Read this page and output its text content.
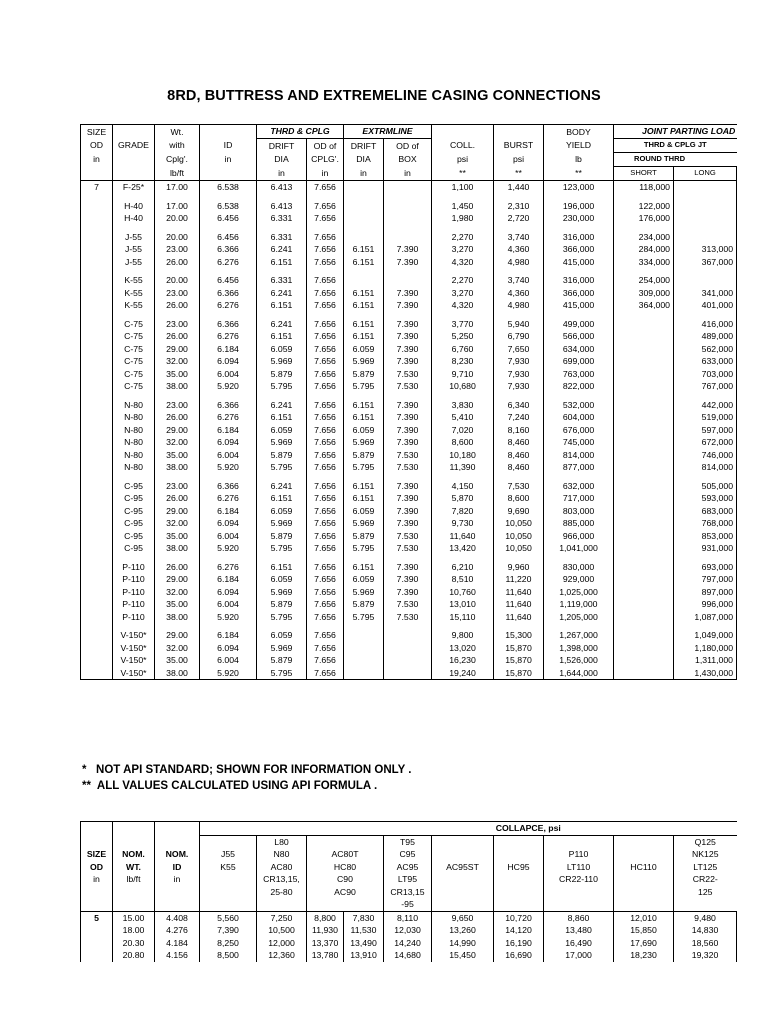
8RD, BUTTRESS AND EXTREMELINE CASING CONNECTIONS
SIZE		Wt.		THRD & CPLG		EXTRMLINE				BODY	JOINT PARTING LOAD	
OD	GRADE	with	ID	DRIFT	OD of	DRIFT	OD of	COLL.	BURST	YIELD	THRD & CPLG JT	
in		Cplg'.	in	DIA	CPLG'.	DIA	BOX	psi	psi	lb	ROUND THRD	
		lb/ft		in	in	in	in	**	**	**	SHORT	LONG
7	F-25*	17.00	6.538	6.413	7.656			1,100	1,440	123,000	118,000	

	H-40	17.00	6.538	6.413	7.656			1,450	2,310	196,000	122,000	
	H-40	20.00	6.456	6.331	7.656			1,980	2,720	230,000	176,000	

	J-55	20.00	6.456	6.331	7.656			2,270	3,740	316,000	234,000	
	J-55	23.00	6.366	6.241	7.656	6.151	7.390	3,270	4,360	366,000	284,000	313,000
	J-55	26.00	6.276	6.151	7.656	6.151	7.390	4,320	4,980	415,000	334,000	367,000

	K-55	20.00	6.456	6.331	7.656			2,270	3,740	316,000	254,000	
	K-55	23.00	6.366	6.241	7.656	6.151	7.390	3,270	4,360	366,000	309,000	341,000
	K-55	26.00	6.276	6.151	7.656	6.151	7.390	4,320	4,980	415,000	364,000	401,000

	C-75	23.00	6.366	6.241	7.656	6.151	7.390	3,770	5,940	499,000		416,000
	C-75	26.00	6.276	6.151	7.656	6.151	7.390	5,250	6,790	566,000		489,000
	C-75	29.00	6.184	6.059	7.656	6.059	7.390	6,760	7,650	634,000		562,000
	C-75	32.00	6.094	5.969	7.656	5.969	7.390	8,230	7,930	699,000		633,000
	C-75	35.00	6.004	5.879	7.656	5.879	7.530	9,710	7,930	763,000		703,000
	C-75	38.00	5.920	5.795	7.656	5.795	7.530	10,680	7,930	822,000		767,000

	N-80	23.00	6.366	6.241	7.656	6.151	7.390	3,830	6,340	532,000		442,000
	N-80	26.00	6.276	6.151	7.656	6.151	7.390	5,410	7,240	604,000		519,000
	N-80	29.00	6.184	6.059	7.656	6.059	7.390	7,020	8,160	676,000		597,000
	N-80	32.00	6.094	5.969	7.656	5.969	7.390	8,600	8,460	745,000		672,000
	N-80	35.00	6.004	5.879	7.656	5.879	7.530	10,180	8,460	814,000		746,000
	N-80	38.00	5.920	5.795	7.656	5.795	7.530	11,390	8,460	877,000		814,000

	C-95	23.00	6.366	6.241	7.656	6.151	7.390	4,150	7,530	632,000		505,000
	C-95	26.00	6.276	6.151	7.656	6.151	7.390	5,870	8,600	717,000		593,000
	C-95	29.00	6.184	6.059	7.656	6.059	7.390	7,820	9,690	803,000		683,000
	C-95	32.00	6.094	5.969	7.656	5.969	7.390	9,730	10,050	885,000		768,000
	C-95	35.00	6.004	5.879	7.656	5.879	7.530	11,640	10,050	966,000		853,000
	C-95	38.00	5.920	5.795	7.656	5.795	7.530	13,420	10,050	1,041,000		931,000

	P-110	26.00	6.276	6.151	7.656	6.151	7.390	6,210	9,960	830,000		693,000
	P-110	29.00	6.184	6.059	7.656	6.059	7.390	8,510	11,220	929,000		797,000
	P-110	32.00	6.094	5.969	7.656	5.969	7.390	10,760	11,640	1,025,000		897,000
	P-110	35.00	6.004	5.879	7.656	5.879	7.530	13,010	11,640	1,119,000		996,000
	P-110	38.00	5.920	5.795	7.656	5.795	7.530	15,110	11,640	1,205,000		1,087,000

	V-150*	29.00	6.184	6.059	7.656			9,800	15,300	1,267,000		1,049,000
	V-150*	32.00	6.094	5.969	7.656			13,020	15,870	1,398,000		1,180,000
	V-150*	35.00	6.004	5.879	7.656			16,230	15,870	1,526,000		1,311,000
	V-150*	38.00	5.920	5.795	7.656			19,240	15,870	1,644,000		1,430,000
*   NOT API STANDARD; SHOWN FOR INFORMATION ONLY .
**  ALL VALUES CALCULATED USING API FORMULA .
			COLLAPCE, psi									
				L80			T95					Q125
SIZE	NOM.	NOM.	J55	N80	AC80T		C95			P110		NK125
OD	WT.	ID	K55	AC80	HC80		AC95	AC95ST	HC95	LT110	HC110	LT125
in	lb/ft	in		CR13,15,	C90		LT95			CR22-110		CR22-
				25-80	AC90		CR13,15					125
							-95					
5	15.00	4.408	5,560	7,250	8,800	7,830	8,110	9,650	10,720	8,860	12,010	9,480
	18.00	4.276	7,390	10,500	11,930	11,530	12,030	13,260	14,120	13,480	15,850	14,830
	20.30	4.184	8,250	12,000	13,370	13,490	14,240	14,990	16,190	16,490	17,690	18,560
	20.80	4.156	8,500	12,360	13,780	13,910	14,680	15,450	16,690	17,000	18,230	19,320
